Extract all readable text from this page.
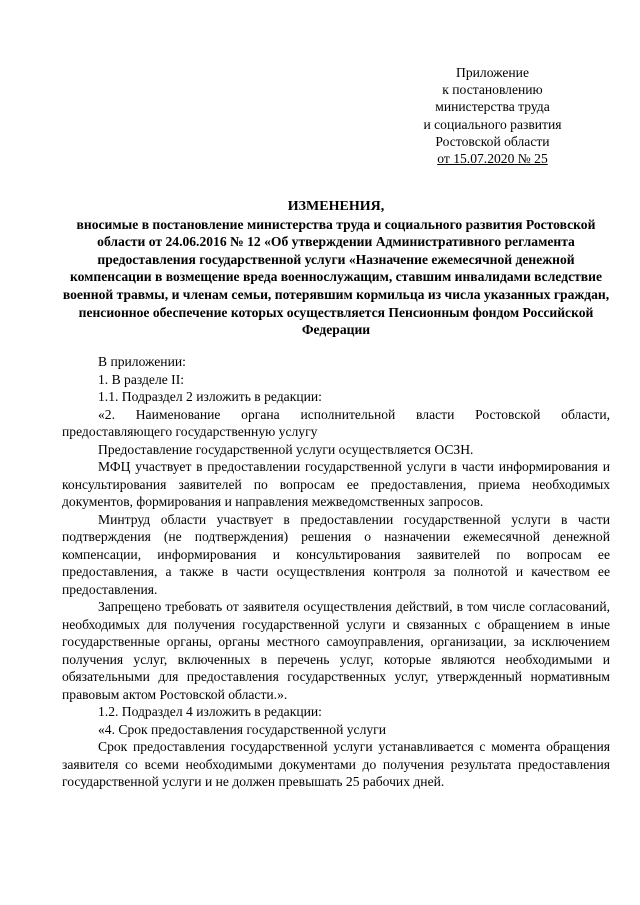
Приложение
к постановлению
министерства труда
и социального развития
Ростовской области
от 15.07.2020 № 25
ИЗМЕНЕНИЯ,
вносимые в постановление министерства труда и социального развития Ростовской области от 24.06.2016 № 12 «Об утверждении Административного регламента предоставления государственной услуги «Назначение ежемесячной денежной компенсации в возмещение вреда военнослужащим, ставшим инвалидами вследствие военной травмы, и членам семьи, потерявшим кормильца из числа указанных граждан, пенсионное обеспечение которых осуществляется Пенсионным фондом Российской Федерации

В приложении:

1. В разделе II:

1.1. Подраздел 2 изложить в редакции:

«2. Наименование органа исполнительной власти Ростовской области, предоставляющего государственную услугу

Предоставление государственной услуги осуществляется ОСЗН.

МФЦ участвует в предоставлении государственной услуги в части информирования и консультирования заявителей по вопросам ее предоставления, приема необходимых документов, формирования и направления межведомственных запросов.

Минтруд области участвует в предоставлении государственной услуги в части подтверждения (не подтверждения) решения о назначении ежемесячной денежной компенсации, информирования и консультирования заявителей по вопросам ее предоставления, а также в части осуществления контроля за полнотой и качеством ее предоставления.

Запрещено требовать от заявителя осуществления действий, в том числе согласований, необходимых для получения государственной услуги и связанных с обращением в иные государственные органы, органы местного самоуправления, организации, за исключением получения услуг, включенных в перечень услуг, которые являются необходимыми и обязательными для предоставления государственных услуг, утвержденный нормативным правовым актом Ростовской области.».

1.2. Подраздел 4 изложить в редакции:

«4. Срок предоставления государственной услуги

Срок предоставления государственной услуги устанавливается с момента обращения заявителя со всеми необходимыми документами до получения результата предоставления государственной услуги и не должен превышать 25 рабочих дней.
